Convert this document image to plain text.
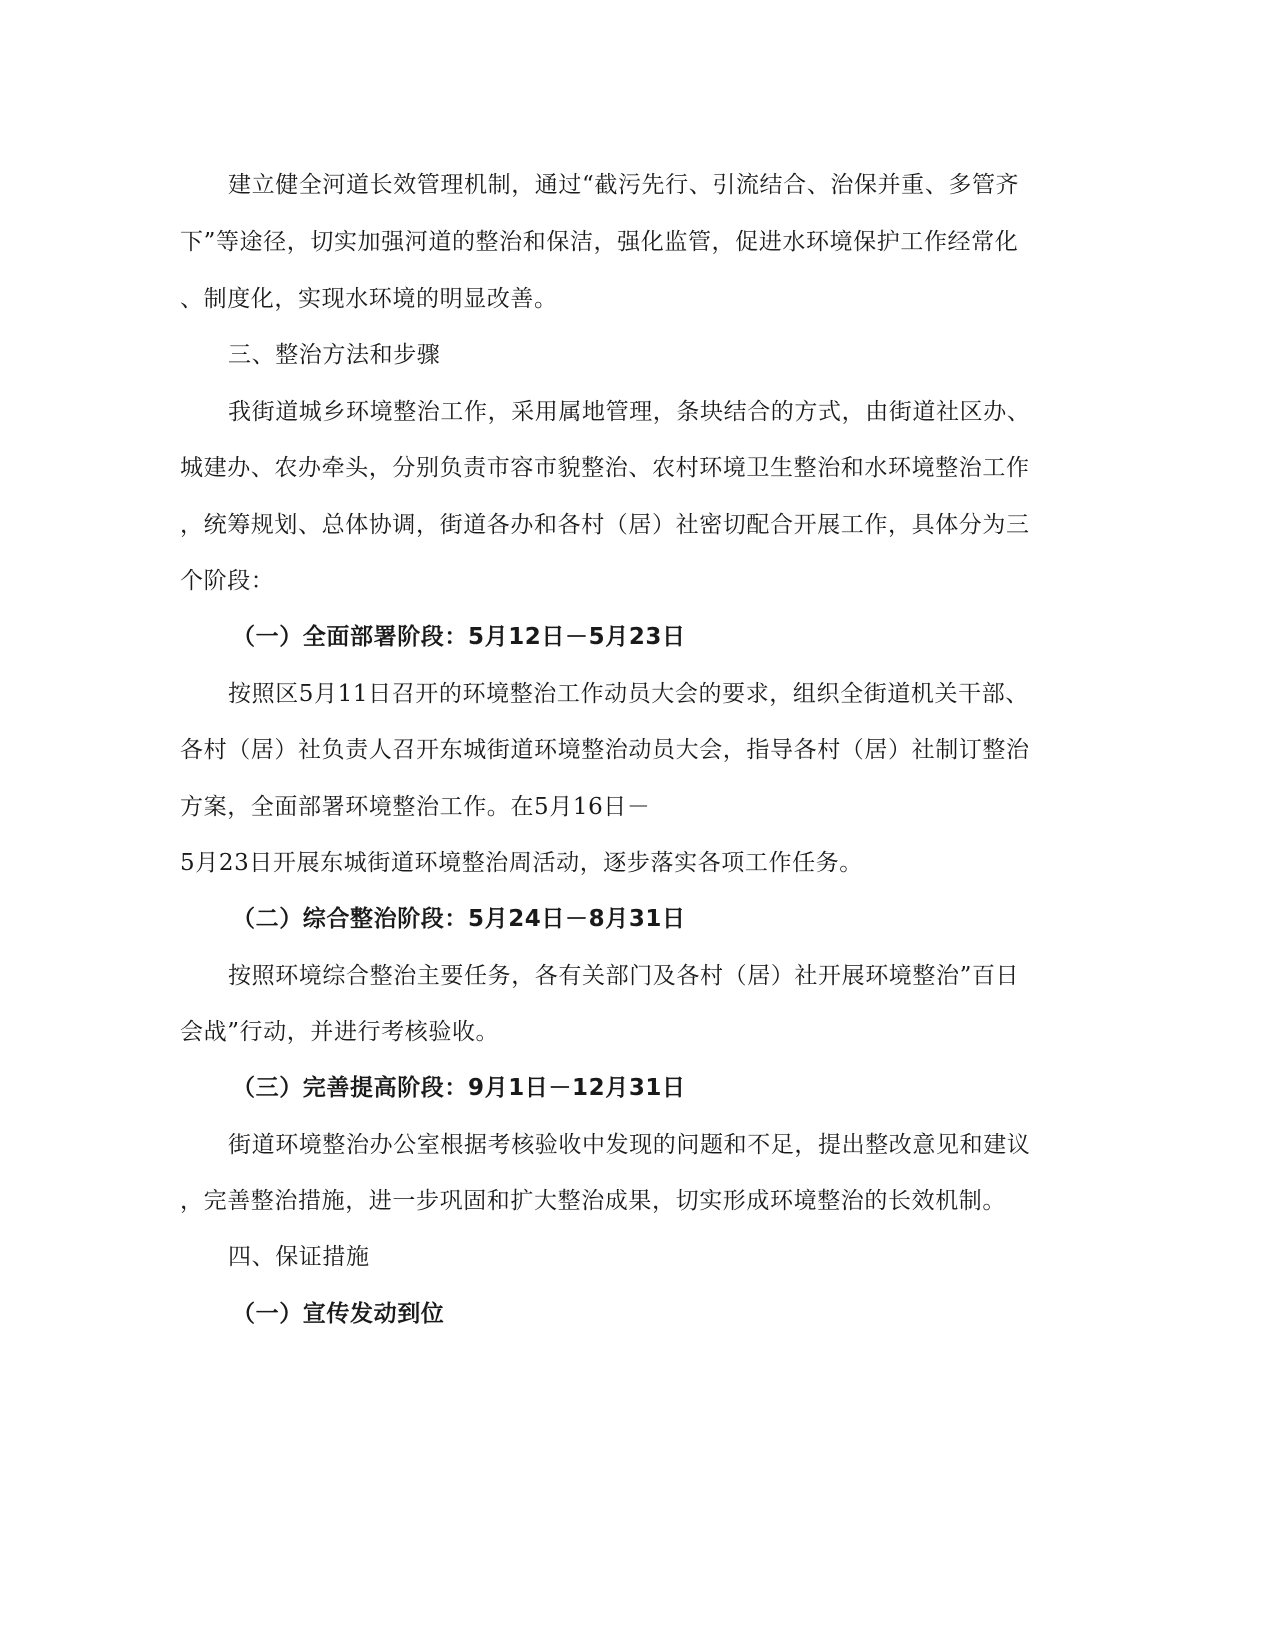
建立健全河道长效管理机制，通过“截污先行、引流结合、治保并重、多管齐
下”等途径，切实加强河道的整治和保洁，强化监管，促进水环境保护工作经常化
、制度化，实现水环境的明显改善。
三、整治方法和步骤
我街道城乡环境整治工作，采用属地管理，条块结合的方式，由街道社区办、
城建办、农办牵头，分别负责市容市貌整治、农村环境卫生整治和水环境整治工作
，统筹规划、总体协调，街道各办和各村（居）社密切配合开展工作，具体分为三
个阶段：
（一）全面部署阶段：5月12日－5月23日
按照区5月11日召开的环境整治工作动员大会的要求，组织全街道机关干部、
各村（居）社负责人召开东城街道环境整治动员大会，指导各村（居）社制订整治
方案，全面部署环境整治工作。在5月16日－
5月23日开展东城街道环境整治周活动，逐步落实各项工作任务。
（二）综合整治阶段：5月24日－8月31日
按照环境综合整治主要任务，各有关部门及各村（居）社开展环境整治”百日
会战”行动，并进行考核验收。
（三）完善提高阶段：9月1日－12月31日
街道环境整治办公室根据考核验收中发现的问题和不足，提出整改意见和建议
，完善整治措施，进一步巩固和扩大整治成果，切实形成环境整治的长效机制。
四、保证措施
（一）宣传发动到位
